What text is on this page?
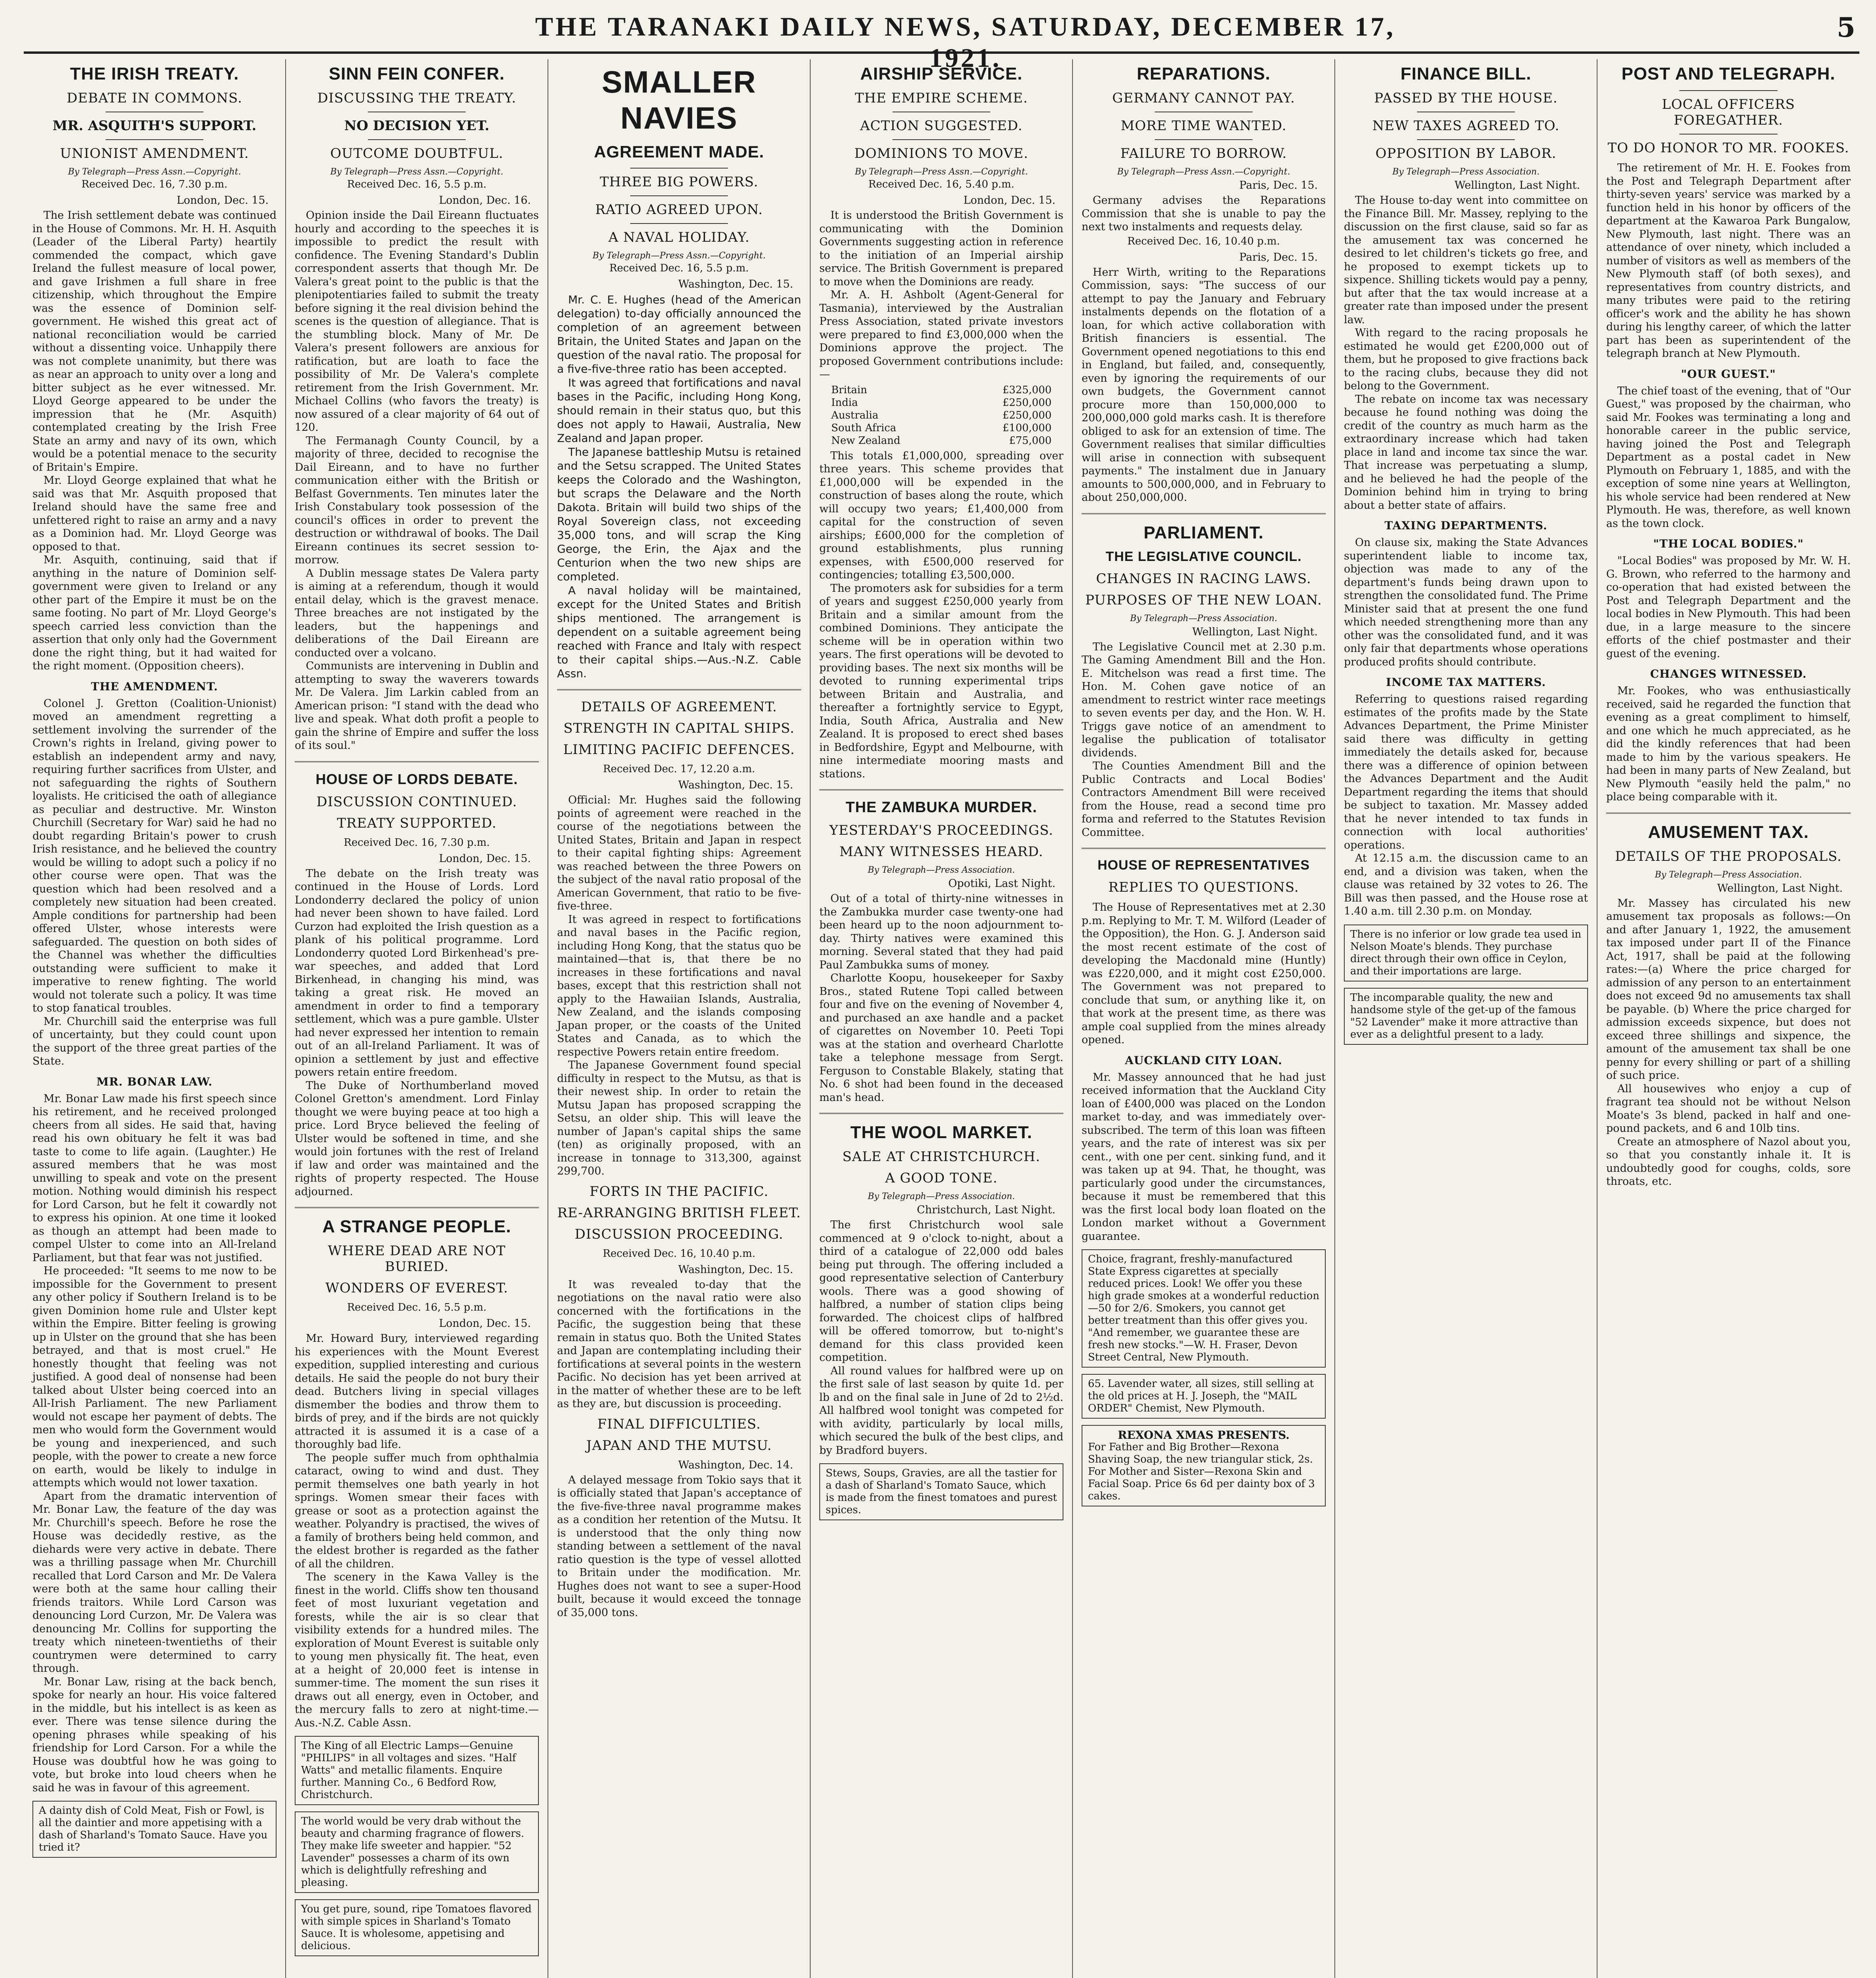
THE TARANAKI DAILY NEWS, SATURDAY, DECEMBER 17, 1921.
5
THE IRISH TREATY.
DEBATE IN COMMONS.
MR. ASQUITH'S SUPPORT.
UNIONIST AMENDMENT.
By Telegraph—Press Assn.—Copyright.
Received Dec. 16, 7.30 p.m.
London, Dec. 15.

The Irish settlement debate was continued in the House of Commons. Mr. H. H. Asquith (Leader of the Liberal Party) heartily commended the compact, which gave Ireland the fullest measure of local power, and gave Irishmen a full share in free citizenship, which throughout the Empire was the essence of Dominion self-government. He wished this great act of national reconciliation would be carried without a dissenting voice. Unhappily there was not complete unanimity, but there was as near an approach to unity over a long and bitter subject as he ever witnessed. Mr. Lloyd George appeared to be under the impression that he (Mr. Asquith) contemplated creating by the Irish Free State an army and navy of its own, which would be a potential menace to the security of Britain's Empire.

Mr. Lloyd George explained that what he said was that Mr. Asquith proposed that Ireland should have the same free and unfettered right to raise an army and a navy as a Dominion had. Mr. Lloyd George was opposed to that.

Mr. Asquith, continuing, said that if anything in the nature of Dominion self-government were given to Ireland or any other part of the Empire it must be on the same footing. No part of Mr. Lloyd George's speech carried less conviction than the assertion that only only had the Government done the right thing, but it had waited for the right moment. (Opposition cheers).

THE AMENDMENT.

Colonel J. Gretton (Coalition-Unionist) moved an amendment regretting a settlement involving the surrender of the Crown's rights in Ireland, giving power to establish an independent army and navy, requiring further sacrifices from Ulster, and not safeguarding the rights of Southern loyalists. He criticised the oath of allegiance as peculiar and destructive. Mr. Winston Churchill (Secretary for War) said he had no doubt regarding Britain's power to crush Irish resistance, and he believed the country would be willing to adopt such a policy if no other course were open. That was the question which had been resolved and a completely new situation had been created. Ample conditions for partnership had been offered Ulster, whose interests were safeguarded. The question on both sides of the Channel was whether the difficulties outstanding were sufficient to make it imperative to renew fighting. The world would not tolerate such a policy. It was time to stop fanatical troubles.

Mr. Churchill said the enterprise was full of uncertainty, but they could count upon the support of the three great parties of the State.

MR. BONAR LAW.

Mr. Bonar Law made his first speech since his retirement, and he received prolonged cheers from all sides. He said that, having read his own obituary he felt it was bad taste to come to life again. (Laughter.) He assured members that he was most unwilling to speak and vote on the present motion. Nothing would diminish his respect for Lord Carson, but he felt it cowardly not to express his opinion. At one time it looked as though an attempt had been made to compel Ulster to come into an All-Ireland Parliament, but that fear was not justified.

He proceeded: "It seems to me now to be impossible for the Government to present any other policy if Southern Ireland is to be given Dominion home rule and Ulster kept within the Empire. Bitter feeling is growing up in Ulster on the ground that she has been betrayed, and that is most cruel." He honestly thought that feeling was not justified. A good deal of nonsense had been talked about Ulster being coerced into an All-Irish Parliament. The new Parliament would not escape her payment of debts. The men who would form the Government would be young and inexperienced, and such people, with the power to create a new force on earth, would be likely to indulge in attempts which would not lower taxation.

Apart from the dramatic intervention of Mr. Bonar Law, the feature of the day was Mr. Churchill's speech. Before he rose the House was decidedly restive, as the diehards were very active in debate. There was a thrilling passage when Mr. Churchill recalled that Lord Carson and Mr. De Valera were both at the same hour calling their friends traitors. While Lord Carson was denouncing Lord Curzon, Mr. De Valera was denouncing Mr. Collins for supporting the treaty which nineteen-twentieths of their countrymen were determined to carry through.

Mr. Bonar Law, rising at the back bench, spoke for nearly an hour. His voice faltered in the middle, but his intellect is as keen as ever. There was tense silence during the opening phrases while speaking of his friendship for Lord Carson. For a while the House was doubtful how he was going to vote, but broke into loud cheers when he said he was in favour of this agreement.

A dainty dish of Cold Meat, Fish or Fowl, is all the daintier and more appetising with a dash of Sharland's Tomato Sauce. Have you tried it?
SINN FEIN CONFER.
DISCUSSING THE TREATY.
NO DECISION YET.
OUTCOME DOUBTFUL.
By Telegraph—Press Assn.—Copyright.
Received Dec. 16, 5.5 p.m.
London, Dec. 16.

Opinion inside the Dail Eireann fluctuates hourly and according to the speeches it is impossible to predict the result with confidence. The Evening Standard's Dublin correspondent asserts that though Mr. De Valera's great point to the public is that the plenipotentiaries failed to submit the treaty before signing it the real division behind the scenes is the question of allegiance. That is the stumbling block. Many of Mr. De Valera's present followers are anxious for ratification, but are loath to face the possibility of Mr. De Valera's complete retirement from the Irish Government. Mr. Michael Collins (who favors the treaty) is now assured of a clear majority of 64 out of 120.

The Fermanagh County Council, by a majority of three, decided to recognise the Dail Eireann, and to have no further communication either with the British or Belfast Governments. Ten minutes later the Irish Constabulary took possession of the council's offices in order to prevent the destruction or withdrawal of books. The Dail Eireann continues its secret session to-morrow.

A Dublin message states De Valera party is aiming at a referendum, though it would entail delay, which is the gravest menace. Three breaches are not instigated by the leaders, but the happenings and deliberations of the Dail Eireann are conducted over a volcano.

Communists are intervening in Dublin and attempting to sway the waverers towards Mr. De Valera. Jim Larkin cabled from an American prison: "I stand with the dead who live and speak. What doth profit a people to gain the shrine of Empire and suffer the loss of its soul."

HOUSE OF LORDS DEBATE.
DISCUSSION CONTINUED.
TREATY SUPPORTED.
Received Dec. 16, 7.30 p.m.
London, Dec. 15.

The debate on the Irish treaty was continued in the House of Lords. Lord Londonderry declared the policy of union had never been shown to have failed. Lord Curzon had exploited the Irish question as a plank of his political programme. Lord Londonderry quoted Lord Birkenhead's pre-war speeches, and added that Lord Birkenhead, in changing his mind, was taking a great risk. He moved an amendment in order to find a temporary settlement, which was a pure gamble. Ulster had never expressed her intention to remain out of an all-Ireland Parliament. It was of opinion a settlement by just and effective powers retain entire freedom.

The Duke of Northumberland moved Colonel Gretton's amendment. Lord Finlay thought we were buying peace at too high a price. Lord Bryce believed the feeling of Ulster would be softened in time, and she would join fortunes with the rest of Ireland if law and order was maintained and the rights of property respected. The House adjourned.

A STRANGE PEOPLE.
WHERE DEAD ARE NOT BURIED.
WONDERS OF EVEREST.
Received Dec. 16, 5.5 p.m.
London, Dec. 15.

Mr. Howard Bury, interviewed regarding his experiences with the Mount Everest expedition, supplied interesting and curious details. He said the people do not bury their dead. Butchers living in special villages dismember the bodies and throw them to birds of prey, and if the birds are not quickly attracted it is assumed it is a case of a thoroughly bad life.

The people suffer much from ophthalmia cataract, owing to wind and dust. They permit themselves one bath yearly in hot springs. Women smear their faces with grease or soot as a protection against the weather. Polyandry is practised, the wives of a family of brothers being held common, and the eldest brother is regarded as the father of all the children.

The scenery in the Kawa Valley is the finest in the world. Cliffs show ten thousand feet of most luxuriant vegetation and forests, while the air is so clear that visibility extends for a hundred miles. The exploration of Mount Everest is suitable only to young men physically fit. The heat, even at a height of 20,000 feet is intense in summer-time. The moment the sun rises it draws out all energy, even in October, and the mercury falls to zero at night-time.—Aus.-N.Z. Cable Assn.

The King of all Electric Lamps—Genuine "PHILIPS" in all voltages and sizes. "Half Watts" and metallic filaments. Enquire further. Manning Co., 6 Bedford Row, Christchurch.
The world would be very drab without the beauty and charming fragrance of flowers. They make life sweeter and happier. "52 Lavender" possesses a charm of its own which is delightfully refreshing and pleasing.
You get pure, sound, ripe Tomatoes flavored with simple spices in Sharland's Tomato Sauce. It is wholesome, appetising and delicious.
SMALLER NAVIES
AGREEMENT MADE.
THREE BIG POWERS.
RATIO AGREED UPON.
A NAVAL HOLIDAY.
By Telegraph—Press Assn.—Copyright.
Received Dec. 16, 5.5 p.m.
Washington, Dec. 15.

Mr. C. E. Hughes (head of the American delegation) to-day officially announced the completion of an agreement between Britain, the United States and Japan on the question of the naval ratio. The proposal for a five-five-three ratio has been accepted.

It was agreed that fortifications and naval bases in the Pacific, including Hong Kong, should remain in their status quo, but this does not apply to Hawaii, Australia, New Zealand and Japan proper.

The Japanese battleship Mutsu is retained and the Setsu scrapped. The United States keeps the Colorado and the Washington, but scraps the Delaware and the North Dakota. Britain will build two ships of the Royal Sovereign class, not exceeding 35,000 tons, and will scrap the King George, the Erin, the Ajax and the Centurion when the two new ships are completed.

A naval holiday will be maintained, except for the United States and British ships mentioned. The arrangement is dependent on a suitable agreement being reached with France and Italy with respect to their capital ships.—Aus.-N.Z. Cable Assn.

DETAILS OF AGREEMENT.
STRENGTH IN CAPITAL SHIPS.
LIMITING PACIFIC DEFENCES.
Received Dec. 17, 12.20 a.m.
Washington, Dec. 15.

Official: Mr. Hughes said the following points of agreement were reached in the course of the negotiations between the United States, Britain and Japan in respect to their capital fighting ships: Agreement was reached between the three Powers on the subject of the naval ratio proposal of the American Government, that ratio to be five-five-three.

It was agreed in respect to fortifications and naval bases in the Pacific region, including Hong Kong, that the status quo be maintained—that is, that there be no increases in these fortifications and naval bases, except that this restriction shall not apply to the Hawaiian Islands, Australia, New Zealand, and the islands composing Japan proper, or the coasts of the United States and Canada, as to which the respective Powers retain entire freedom.

The Japanese Government found special difficulty in respect to the Mutsu, as that is their newest ship. In order to retain the Mutsu Japan has proposed scrapping the Setsu, an older ship. This will leave the number of Japan's capital ships the same (ten) as originally proposed, with an increase in tonnage to 313,300, against 299,700.

FORTS IN THE PACIFIC.
RE-ARRANGING BRITISH FLEET.
DISCUSSION PROCEEDING.
Received Dec. 16, 10.40 p.m.
Washington, Dec. 15.

It was revealed to-day that the negotiations on the naval ratio were also concerned with the fortifications in the Pacific, the suggestion being that these remain in status quo. Both the United States and Japan are contemplating including their fortifications at several points in the western Pacific. No decision has yet been arrived at in the matter of whether these are to be left as they are, but discussion is proceeding.

FINAL DIFFICULTIES.
JAPAN AND THE MUTSU.
Washington, Dec. 14.

A delayed message from Tokio says that it is officially stated that Japan's acceptance of the five-five-three naval programme makes as a condition her retention of the Mutsu. It is understood that the only thing now standing between a settlement of the naval ratio question is the type of vessel allotted to Britain under the modification. Mr. Hughes does not want to see a super-Hood built, because it would exceed the tonnage of 35,000 tons.

AIRSHIP SERVICE.
THE EMPIRE SCHEME.
ACTION SUGGESTED.
DOMINIONS TO MOVE.
By Telegraph—Press Assn.—Copyright.
Received Dec. 16, 5.40 p.m.
London, Dec. 15.

It is understood the British Government is communicating with the Dominion Governments suggesting action in reference to the initiation of an Imperial airship service. The British Government is prepared to move when the Dominions are ready.

Mr. A. H. Ashbolt (Agent-General for Tasmania), interviewed by the Australian Press Association, stated private investors were prepared to find £3,000,000 when the Dominions approve the project. The proposed Government contributions include:—

Britain	£325,000
India	£250,000
Australia	£250,000
South Africa	£100,000
New Zealand	£75,000

This totals £1,000,000, spreading over three years. This scheme provides that £1,000,000 will be expended in the construction of bases along the route, which will occupy two years; £1,400,000 from capital for the construction of seven airships; £600,000 for the completion of ground establishments, plus running expenses, with £500,000 reserved for contingencies; totalling £3,500,000.

The promoters ask for subsidies for a term of years and suggest £250,000 yearly from Britain and a similar amount from the combined Dominions. They anticipate the scheme will be in operation within two years. The first operations will be devoted to providing bases. The next six months will be devoted to running experimental trips between Britain and Australia, and thereafter a fortnightly service to Egypt, India, South Africa, Australia and New Zealand. It is proposed to erect shed bases in Bedfordshire, Egypt and Melbourne, with nine intermediate mooring masts and stations.

THE ZAMBUKA MURDER.
YESTERDAY'S PROCEEDINGS.
MANY WITNESSES HEARD.
By Telegraph—Press Association.
Opotiki, Last Night.

Out of a total of thirty-nine witnesses in the Zambukka murder case twenty-one had been heard up to the noon adjournment to-day. Thirty natives were examined this morning. Several stated that they had paid Paul Zambukka sums of money.

Charlotte Koopu, housekeeper for Saxby Bros., stated Rutene Topi called between four and five on the evening of November 4, and purchased an axe handle and a packet of cigarettes on November 10. Peeti Topi was at the station and overheard Charlotte take a telephone message from Sergt. Ferguson to Constable Blakely, stating that No. 6 shot had been found in the deceased man's head.

THE WOOL MARKET.
SALE AT CHRISTCHURCH.
A GOOD TONE.
By Telegraph—Press Association.
Christchurch, Last Night.

The first Christchurch wool sale commenced at 9 o'clock to-night, about a third of a catalogue of 22,000 odd bales being put through. The offering included a good representative selection of Canterbury wools. There was a good showing of halfbred, a number of station clips being forwarded. The choicest clips of halfbred will be offered tomorrow, but to-night's demand for this class provided keen competition.

All round values for halfbred were up on the first sale of last season by quite 1d. per lb and on the final sale in June of 2d to 2½d. All halfbred wool tonight was competed for with avidity, particularly by local mills, which secured the bulk of the best clips, and by Bradford buyers.

Stews, Soups, Gravies, are all the tastier for a dash of Sharland's Tomato Sauce, which is made from the finest tomatoes and purest spices.
REPARATIONS.
GERMANY CANNOT PAY.
MORE TIME WANTED.
FAILURE TO BORROW.
By Telegraph—Press Assn.—Copyright.
Paris, Dec. 15.

Germany advises the Reparations Commission that she is unable to pay the next two instalments and requests delay.

Received Dec. 16, 10.40 p.m.
Paris, Dec. 15.

Herr Wirth, writing to the Reparations Commission, says: "The success of our attempt to pay the January and February instalments depends on the flotation of a loan, for which active collaboration with British financiers is essential. The Government opened negotiations to this end in England, but failed, and, consequently, even by ignoring the requirements of our own budgets, the Government cannot procure more than 150,000,000 to 200,000,000 gold marks cash. It is therefore obliged to ask for an extension of time. The Government realises that similar difficulties will arise in connection with subsequent payments." The instalment due in January amounts to 500,000,000, and in February to about 250,000,000.

PARLIAMENT.
THE LEGISLATIVE COUNCIL.
CHANGES IN RACING LAWS.
PURPOSES OF THE NEW LOAN.
By Telegraph—Press Association.
Wellington, Last Night.

The Legislative Council met at 2.30 p.m. The Gaming Amendment Bill and the Hon. E. Mitchelson was read a first time. The Hon. M. Cohen gave notice of an amendment to restrict winter race meetings to seven events per day, and the Hon. W. H. Triggs gave notice of an amendment to legalise the publication of totalisator dividends.

The Counties Amendment Bill and the Public Contracts and Local Bodies' Contractors Amendment Bill were received from the House, read a second time pro forma and referred to the Statutes Revision Committee.

HOUSE OF REPRESENTATIVES
REPLIES TO QUESTIONS.

The House of Representatives met at 2.30 p.m. Replying to Mr. T. M. Wilford (Leader of the Opposition), the Hon. G. J. Anderson said the most recent estimate of the cost of developing the Macdonald mine (Huntly) was £220,000, and it might cost £250,000. The Government was not prepared to conclude that sum, or anything like it, on that work at the present time, as there was ample coal supplied from the mines already opened.

AUCKLAND CITY LOAN.

Mr. Massey announced that he had just received information that the Auckland City loan of £400,000 was placed on the London market to-day, and was immediately over-subscribed. The term of this loan was fifteen years, and the rate of interest was six per cent., with one per cent. sinking fund, and it was taken up at 94. That, he thought, was particularly good under the circumstances, because it must be remembered that this was the first local body loan floated on the London market without a Government guarantee.

Choice, fragrant, freshly-manufactured State Express cigarettes at specially reduced prices. Look! We offer you these high grade smokes at a wonderful reduction—50 for 2/6. Smokers, you cannot get better treatment than this offer gives you. "And remember, we guarantee these are fresh new stocks."—W. H. Fraser, Devon Street Central, New Plymouth.
65. Lavender water, all sizes, still selling at the old prices at H. J. Joseph, the "MAIL ORDER" Chemist, New Plymouth.
REXONA XMAS PRESENTS.
For Father and Big Brother—Rexona Shaving Soap, the new triangular stick, 2s. For Mother and Sister—Rexona Skin and Facial Soap. Price 6s 6d per dainty box of 3 cakes.
FINANCE BILL.
PASSED BY THE HOUSE.
NEW TAXES AGREED TO.
OPPOSITION BY LABOR.
By Telegraph—Press Association.
Wellington, Last Night.

The House to-day went into committee on the Finance Bill. Mr. Massey, replying to the discussion on the first clause, said so far as the amusement tax was concerned he desired to let children's tickets go free, and he proposed to exempt tickets up to sixpence. Shilling tickets would pay a penny, but after that the tax would increase at a greater rate than imposed under the present law.

With regard to the racing proposals he estimated he would get £200,000 out of them, but he proposed to give fractions back to the racing clubs, because they did not belong to the Government.

The rebate on income tax was necessary because he found nothing was doing the credit of the country as much harm as the extraordinary increase which had taken place in land and income tax since the war. That increase was perpetuating a slump, and he believed he had the people of the Dominion behind him in trying to bring about a better state of affairs.

TAXING DEPARTMENTS.

On clause six, making the State Advances superintendent liable to income tax, objection was made to any of the department's funds being drawn upon to strengthen the consolidated fund. The Prime Minister said that at present the one fund which needed strengthening more than any other was the consolidated fund, and it was only fair that departments whose operations produced profits should contribute.

INCOME TAX MATTERS.

Referring to questions raised regarding estimates of the profits made by the State Advances Department, the Prime Minister said there was difficulty in getting immediately the details asked for, because there was a difference of opinion between the Advances Department and the Audit Department regarding the items that should be subject to taxation. Mr. Massey added that he never intended to tax funds in connection with local authorities' operations.

At 12.15 a.m. the discussion came to an end, and a division was taken, when the clause was retained by 32 votes to 26. The Bill was then passed, and the House rose at 1.40 a.m. till 2.30 p.m. on Monday.

There is no inferior or low grade tea used in Nelson Moate's blends. They purchase direct through their own office in Ceylon, and their importations are large.
The incomparable quality, the new and handsome style of the get-up of the famous "52 Lavender" make it more attractive than ever as a delightful present to a lady.
POST AND TELEGRAPH.
LOCAL OFFICERS FOREGATHER.
TO DO HONOR TO MR. FOOKES.

The retirement of Mr. H. E. Fookes from the Post and Telegraph Department after thirty-seven years' service was marked by a function held in his honor by officers of the department at the Kawaroa Park Bungalow, New Plymouth, last night. There was an attendance of over ninety, which included a number of visitors as well as members of the New Plymouth staff (of both sexes), and representatives from country districts, and many tributes were paid to the retiring officer's work and the ability he has shown during his lengthy career, of which the latter part has been as superintendent of the telegraph branch at New Plymouth.

"OUR GUEST."

The chief toast of the evening, that of "Our Guest," was proposed by the chairman, who said Mr. Fookes was terminating a long and honorable career in the public service, having joined the Post and Telegraph Department as a postal cadet in New Plymouth on February 1, 1885, and with the exception of some nine years at Wellington, his whole service had been rendered at New Plymouth. He was, therefore, as well known as the town clock.

"THE LOCAL BODIES."

"Local Bodies" was proposed by Mr. W. H. G. Brown, who referred to the harmony and co-operation that had existed between the Post and Telegraph Department and the local bodies in New Plymouth. This had been due, in a large measure to the sincere efforts of the chief postmaster and their guest of the evening.

CHANGES WITNESSED.

Mr. Fookes, who was enthusiastically received, said he regarded the function that evening as a great compliment to himself, and one which he much appreciated, as he did the kindly references that had been made to him by the various speakers. He had been in many parts of New Zealand, but New Plymouth "easily held the palm," no place being comparable with it.

AMUSEMENT TAX.
DETAILS OF THE PROPOSALS.
By Telegraph—Press Association.
Wellington, Last Night.

Mr. Massey has circulated his new amusement tax proposals as follows:—On and after January 1, 1922, the amusement tax imposed under part II of the Finance Act, 1917, shall be paid at the following rates:—(a) Where the price charged for admission of any person to an entertainment does not exceed 9d no amusements tax shall be payable. (b) Where the price charged for admission exceeds sixpence, but does not exceed three shillings and sixpence, the amount of the amusement tax shall be one penny for every shilling or part of a shilling of such price.

All housewives who enjoy a cup of fragrant tea should not be without Nelson Moate's 3s blend, packed in half and one-pound packets, and 6 and 10lb tins.

Create an atmosphere of Nazol about you, so that you constantly inhale it. It is undoubtedly good for coughs, colds, sore throats, etc.
